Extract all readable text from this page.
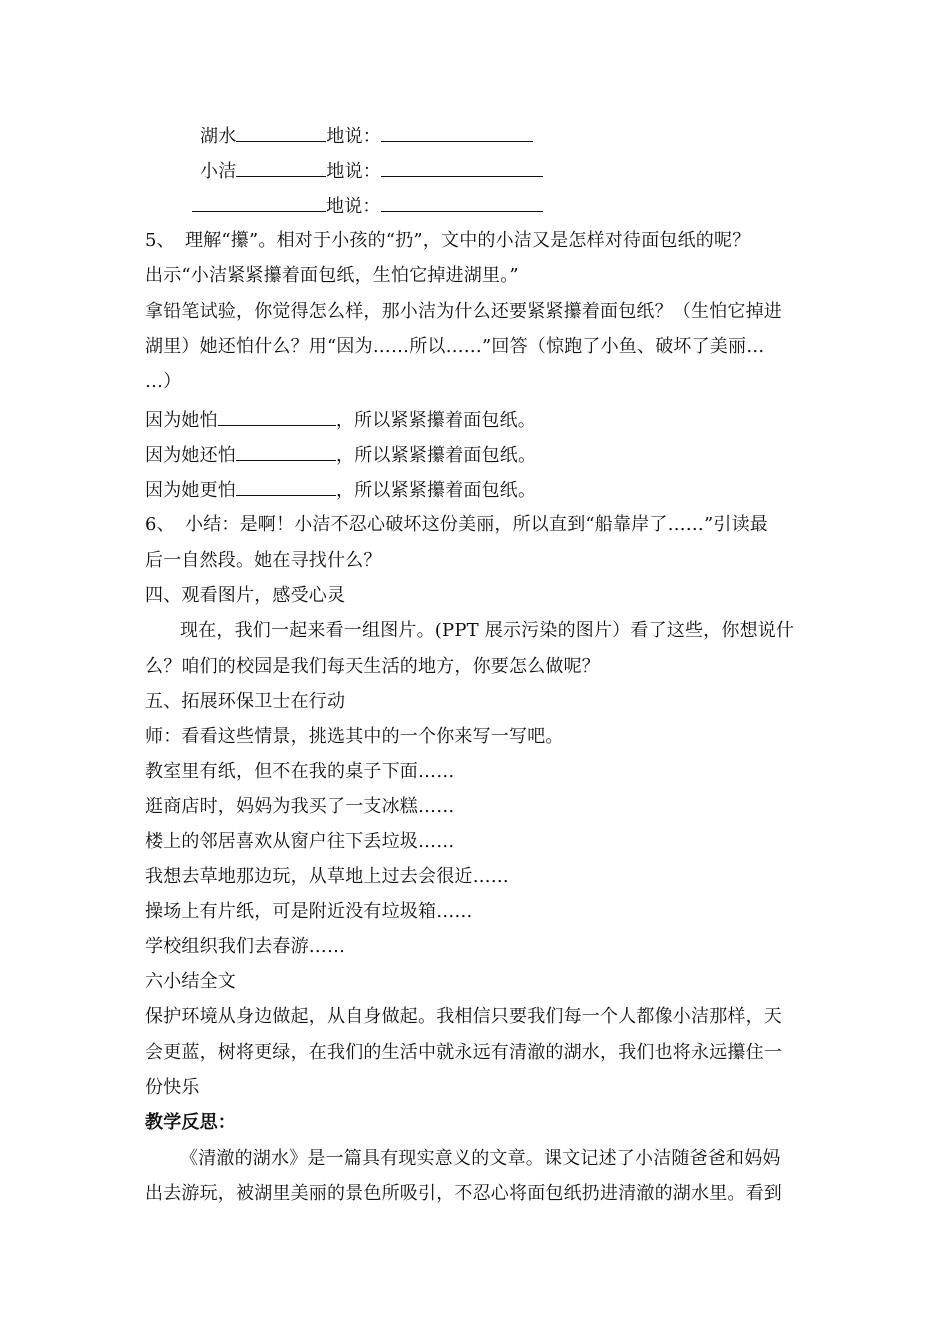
湖水	地说：
小洁	地说：
地说：
5、 理解“攥”。相对于小孩的“扔”，文中的小洁又是怎样对待面包纸的呢？
出示“小洁紧紧攥着面包纸，生怕它掉进湖里。”
拿铅笔试验，你觉得怎么样，那小洁为什么还要紧紧攥着面包纸？（生怕它掉进
湖里）她还怕什么？用“因为……所以……”回答（惊跑了小鱼、破坏了美丽…
…）
因为她怕	，所以紧紧攥着面包纸。
因为她还怕	，所以紧紧攥着面包纸。
因为她更怕	，所以紧紧攥着面包纸。
6、 小结：是啊！小洁不忍心破坏这份美丽，所以直到“船靠岸了……”引读最
后一自然段。她在寻找什么？
四、观看图片，感受心灵
现在，我们一起来看一组图片。(PPT 展示污染的图片）看了这些，你想说什
么？咱们的校园是我们每天生活的地方，你要怎么做呢？
五、拓展环保卫士在行动
师：看看这些情景，挑选其中的一个你来写一写吧。
教室里有纸，但不在我的桌子下面……
逛商店时，妈妈为我买了一支冰糕……
楼上的邻居喜欢从窗户往下丢垃圾……
我想去草地那边玩，从草地上过去会很近……
操场上有片纸，可是附近没有垃圾箱……
学校组织我们去春游……
六小结全文
保护环境从身边做起，从自身做起。我相信只要我们每一个人都像小洁那样，天
会更蓝，树将更绿，在我们的生活中就永远有清澈的湖水，我们也将永远攥住一
份快乐
教学反思：
《清澈的湖水》是一篇具有现实意义的文章。课文记述了小洁随爸爸和妈妈
出去游玩，被湖里美丽的景色所吸引，不忍心将面包纸扔进清澈的湖水里。看到
